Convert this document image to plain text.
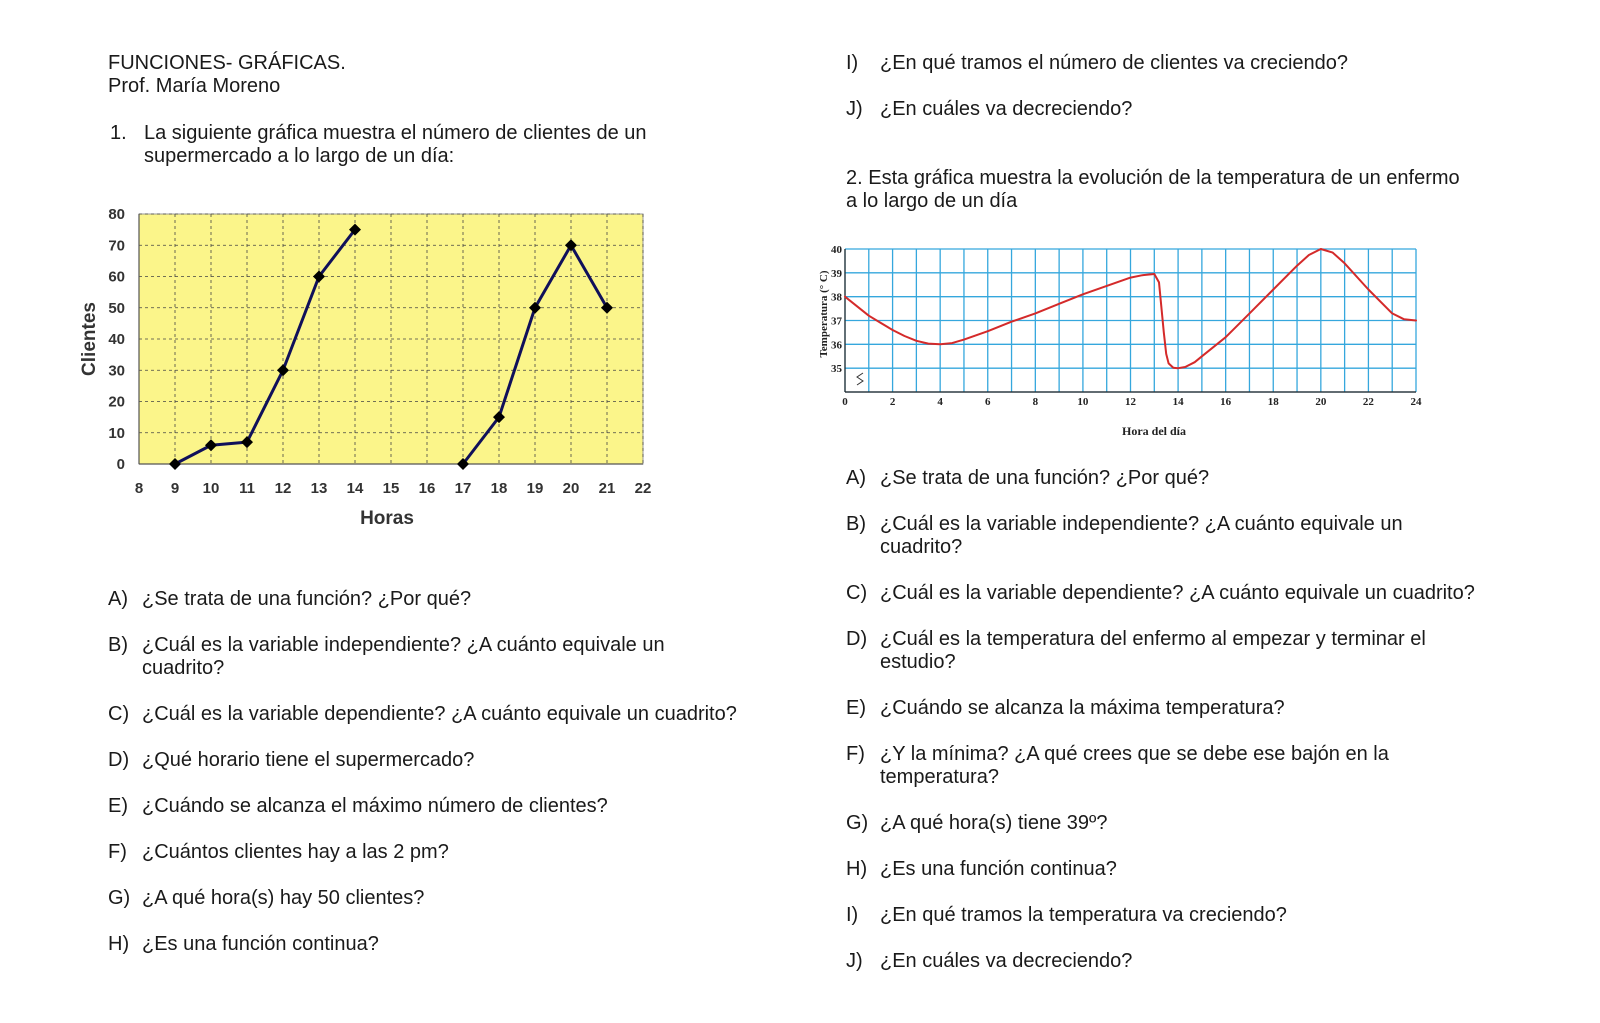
FUNCIONES- GRÁFICAS.
Prof. María Moreno
1. La siguiente gráfica muestra el número de clientes de un
supermercado a lo largo de un día:
0
10
20
30
40
50
60
70
80
8 9 10 11 12 13 14 15 16 17 18 19 20 21 22
Clientes
Horas
A) ¿Se trata de una función? ¿Por qué?
B) ¿Cuál es la variable independiente? ¿A cuánto equivale un
cuadrito?
C) ¿Cuál es la variable dependiente? ¿A cuánto equivale un cuadrito?
D) ¿Qué horario tiene el supermercado?
E) ¿Cuándo se alcanza el máximo número de clientes?
F) ¿Cuántos clientes hay a las 2 pm?
G) ¿A qué hora(s) hay 50 clientes?
H) ¿Es una función continua?
I) ¿En qué tramos el número de clientes va creciendo?
J) ¿En cuáles va decreciendo?
2. Esta gráfica muestra la evolución de la temperatura de un enfermo
a lo largo de un día
35
36
37
38
39
40
0	2	4	6	8	10	12	14	16	18	20	22	24
Temperatura (° C)
Hora del día
A) ¿Se trata de una función? ¿Por qué?
B) ¿Cuál es la variable independiente? ¿A cuánto equivale un
cuadrito?
C) ¿Cuál es la variable dependiente? ¿A cuánto equivale un cuadrito?
D) ¿Cuál es la temperatura del enfermo al empezar y terminar el
estudio?
E) ¿Cuándo se alcanza la máxima temperatura?
F) ¿Y la mínima? ¿A qué crees que se debe ese bajón en la
temperatura?
G) ¿A qué hora(s) tiene 39º?
H) ¿Es una función continua?
I) ¿En qué tramos la temperatura va creciendo?
J) ¿En cuáles va decreciendo?
